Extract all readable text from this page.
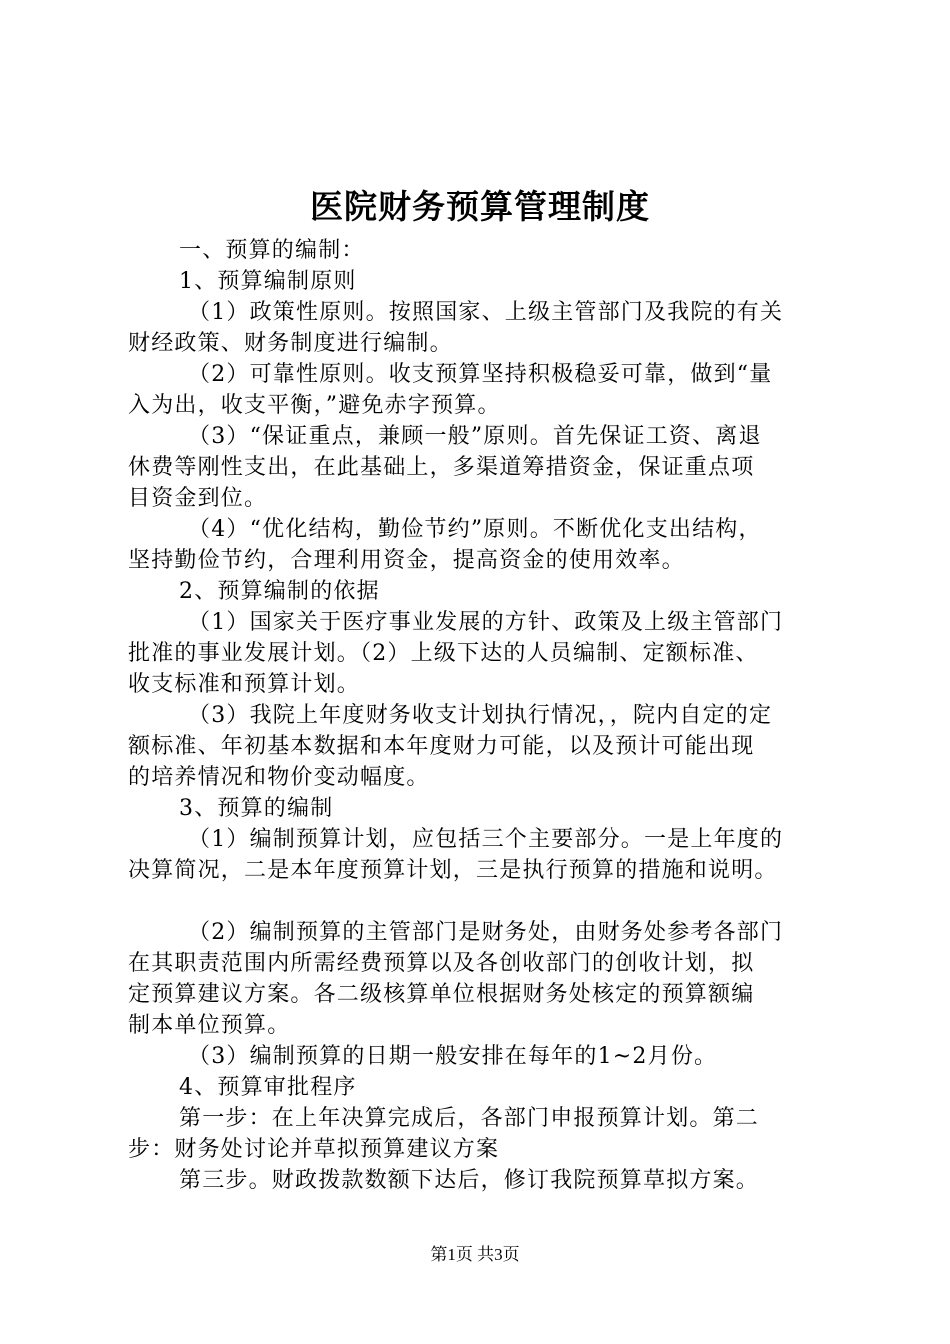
医院财务预算管理制度
一、预算的编制：
1、预算编制原则
（1）政策性原则。按照国家、上级主管部门及我院的有关
财经政策、财务制度进行编制。
（2）可靠性原则。收支预算坚持积极稳妥可靠，做到“量
入为出，收支平衡，”避免赤字预算。
（3）“保证重点，兼顾一般”原则。首先保证工资、离退
休费等刚性支出，在此基础上，多渠道筹措资金，保证重点项
目资金到位。
（4）“优化结构，勤俭节约”原则。不断优化支出结构，
坚持勤俭节约，合理利用资金，提高资金的使用效率。
2、预算编制的依据
（1）国家关于医疗事业发展的方针、政策及上级主管部门
批准的事业发展计划。（2）上级下达的人员编制、定额标准、
收支标准和预算计划。
（3）我院上年度财务收支计划执行情况，，院内自定的定
额标准、年初基本数据和本年度财力可能，以及预计可能出现
的培养情况和物价变动幅度。
3、预算的编制
（1）编制预算计划，应包括三个主要部分。一是上年度的
决算简况，二是本年度预算计划，三是执行预算的措施和说明。
（2）编制预算的主管部门是财务处，由财务处参考各部门
在其职责范围内所需经费预算以及各创收部门的创收计划，拟
定预算建议方案。各二级核算单位根据财务处核定的预算额编
制本单位预算。
（3）编制预算的日期一般安排在每年的1~2月份。
4、预算审批程序
第一步：在上年决算完成后，各部门申报预算计划。第二
步：财务处讨论并草拟预算建议方案
第三步。财政拨款数额下达后，修订我院预算草拟方案。
第1页 共3页
